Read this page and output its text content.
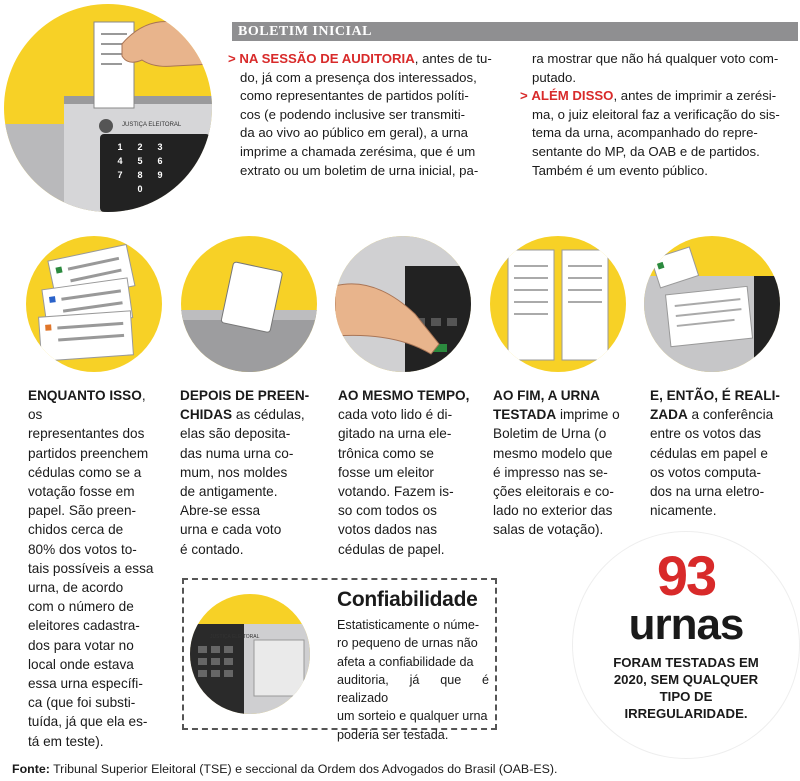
JUSTIÇA ELEITORAL
1	2	3
4	5	6
7	8	9
0
BOLETIM INICIAL
> NA SESSÃO DE AUDITORIA, antes de tu-
do, já com a presença dos interessados,
como representantes de partidos políti-
cos (e podendo inclusive ser transmiti-
da ao vivo ao público em geral), a urna
imprime a chamada zerésima, que é um
extrato ou um boletim de urna inicial, pa-
ra mostrar que não há qualquer voto com-
putado.
> ALÉM DISSO, antes de imprimir a zerési-
ma, o juiz eleitoral faz a verificação do sis-
tema da urna, acompanhado do repre-
sentante do MP, da OAB e de partidos.
Também é um evento público.
ENQUANTO ISSO, os
representantes dos
partidos preenchem
cédulas como se a
votação fosse em
papel. São preen-
chidos cerca de
80% dos votos to-
tais possíveis a essa
urna, de acordo
com o número de
eleitores cadastra-
dos para votar no
local onde estava
essa urna específi-
ca (que foi substi-
tuída, já que ela es-
tá em teste).
DEPOIS DE PREEN-
CHIDAS as cédulas,
elas são deposita-
das numa urna co-
mum, nos moldes
de antigamente.
Abre-se essa
urna e cada voto
é contado.
AO MESMO TEMPO,
cada voto lido é di-
gitado na urna ele-
trônica como se
fosse um eleitor
votando. Fazem is-
so com todos os
votos dados nas
cédulas de papel.
AO FIM, A URNA
TESTADA imprime o
Boletim de Urna (o
mesmo modelo que
é impresso nas se-
ções eleitorais e co-
lado no exterior das
salas de votação).
E, ENTÃO, É REALI-
ZADA a conferência
entre os votos das
cédulas em papel e
os votos computa-
dos na urna eletro-
nicamente.
JUSTIÇA ELEITORAL
Confiabilidade
Estatisticamente o núme-
ro pequeno de urnas não
afeta a confiabilidade da
auditoria, já que é realizado
um sorteio e qualquer urna
poderia ser testada.
93
urnas
FORAM TESTADAS EM
2020, SEM QUALQUER
TIPO DE
IRREGULARIDADE.
Fonte: Tribunal Superior Eleitoral (TSE) e seccional da Ordem dos Advogados do Brasil (OAB-ES).
